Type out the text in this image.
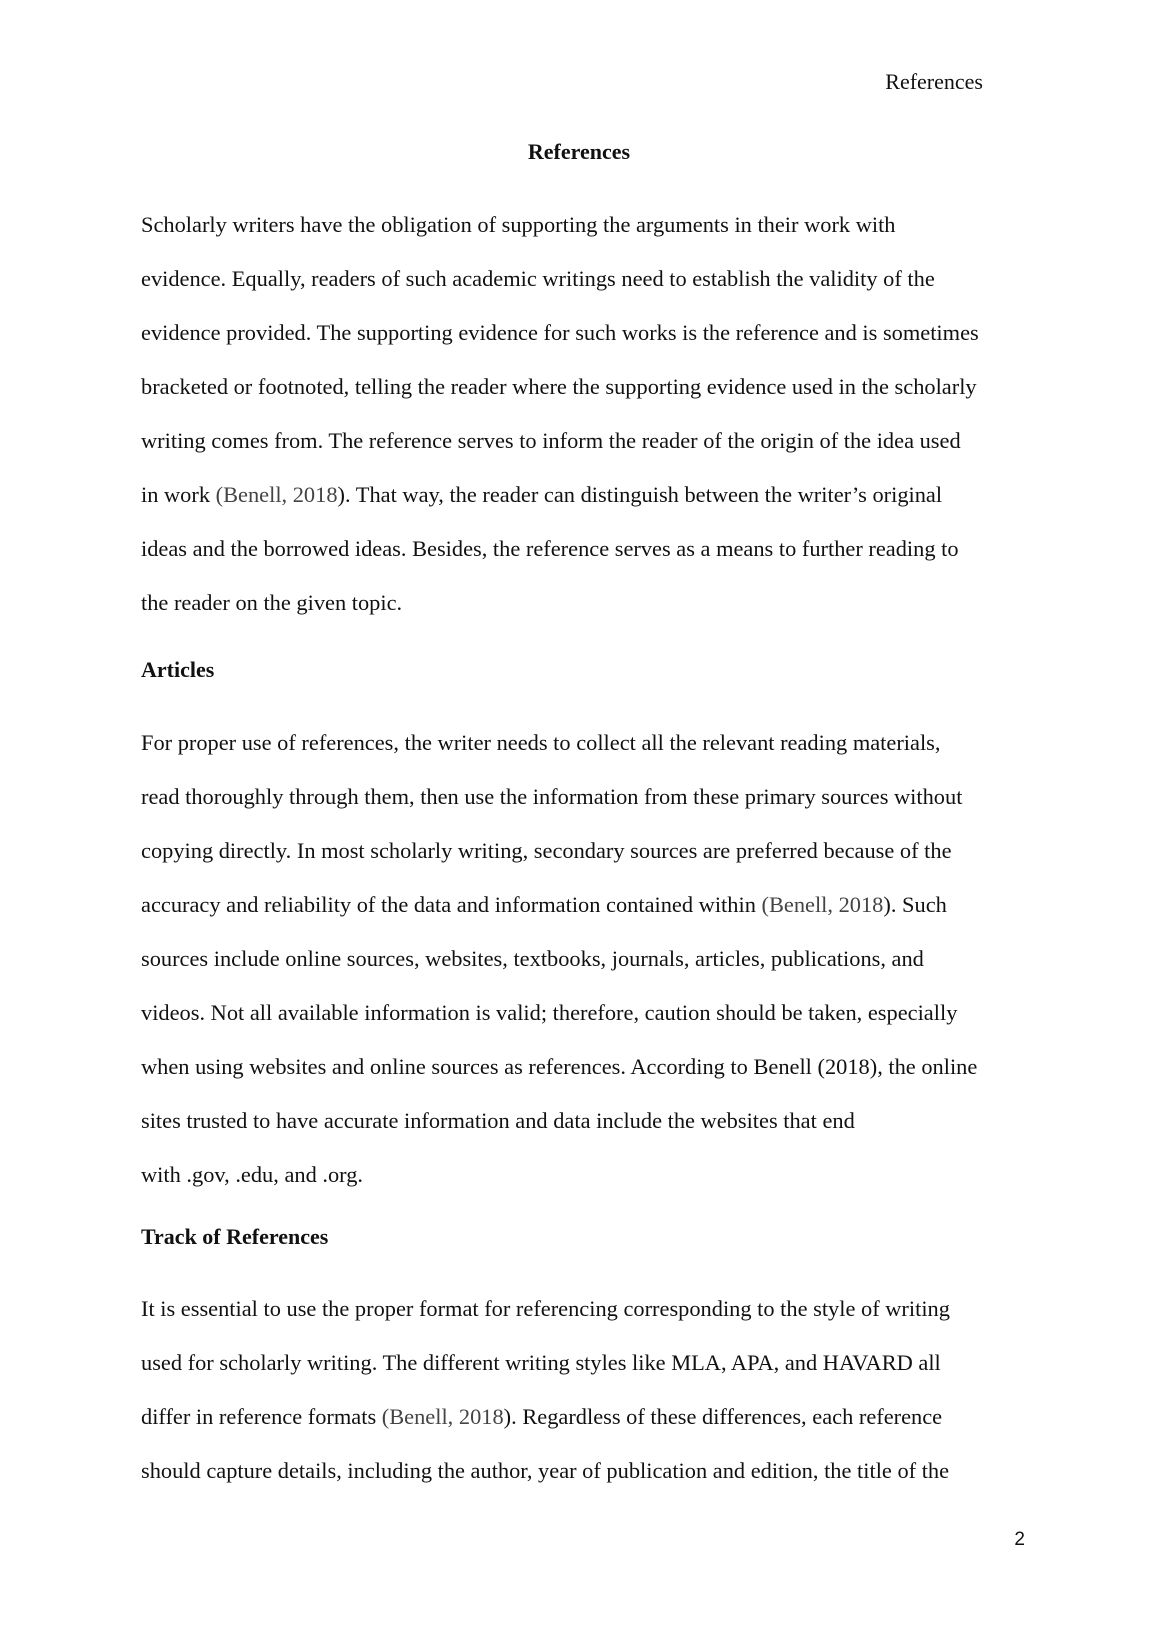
References
References

Scholarly writers have the obligation of supporting the arguments in their work with
evidence. Equally, readers of such academic writings need to establish the validity of the
evidence provided. The supporting evidence for such works is the reference and is sometimes
bracketed or footnoted, telling the reader where the supporting evidence used in the scholarly
writing comes from. The reference serves to inform the reader of the origin of the idea used
in work (Benell, 2018). That way, the reader can distinguish between the writer’s original
ideas and the borrowed ideas. Besides, the reference serves as a means to further reading to
the reader on the given topic.

Articles

For proper use of references, the writer needs to collect all the relevant reading materials,
read thoroughly through them, then use the information from these primary sources without
copying directly. In most scholarly writing, secondary sources are preferred because of the
accuracy and reliability of the data and information contained within (Benell, 2018). Such
sources include online sources, websites, textbooks, journals, articles, publications, and
videos. Not all available information is valid; therefore, caution should be taken, especially
when using websites and online sources as references. According to Benell (2018), the online
sites trusted to have accurate information and data include the websites that end
with .gov, .edu, and .org.

Track of References

It is essential to use the proper format for referencing corresponding to the style of writing
used for scholarly writing. The different writing styles like MLA, APA, and HAVARD all
differ in reference formats (Benell, 2018). Regardless of these differences, each reference
should capture details, including the author, year of publication and edition, the title of the

2
